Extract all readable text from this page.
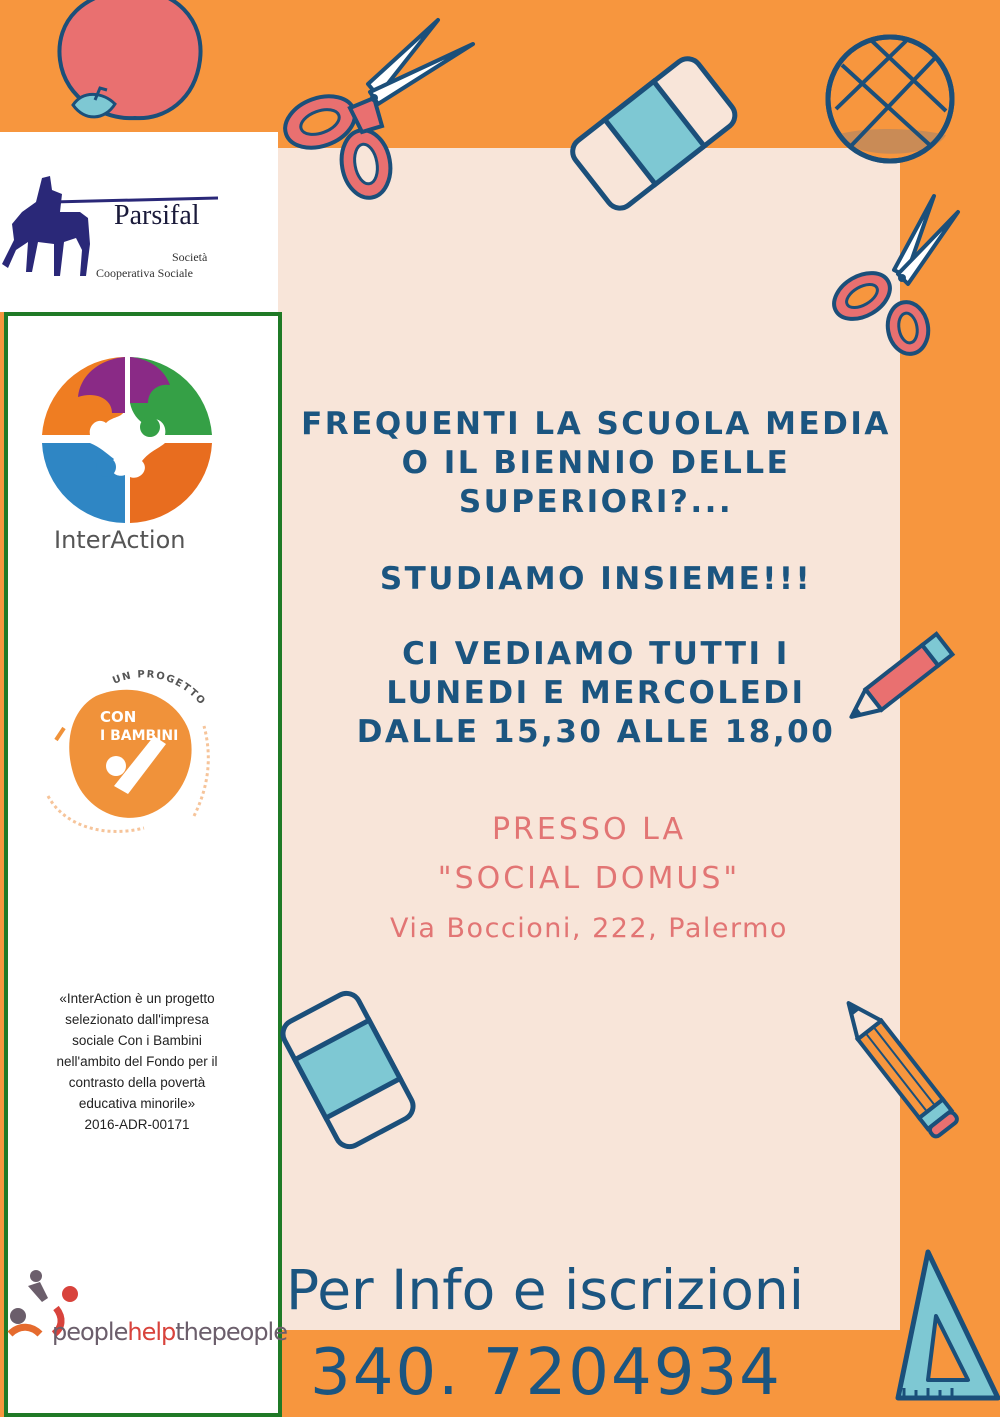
Parsifal
Società
Cooperativa Sociale
InterAction
UN PROGETTO
CON
I BAMBINI
«InterAction è un progetto
selezionato dall'impresa
sociale Con i Bambini
nell'ambito del Fondo per il
contrasto della povertà
educativa minorile»
2016-ADR-00171
peoplehelpthepeople
FREQUENTI LA SCUOLA MEDIA
O IL BIENNIO DELLE
SUPERIORI?...
STUDIAMO INSIEME!!!
CI VEDIAMO TUTTI I
LUNEDI E MERCOLEDI
DALLE 15,30 ALLE 18,00
PRESSO LA
"SOCIAL DOMUS"
Via Boccioni, 222, Palermo
Per Info e iscrizioni
340. 7204934
